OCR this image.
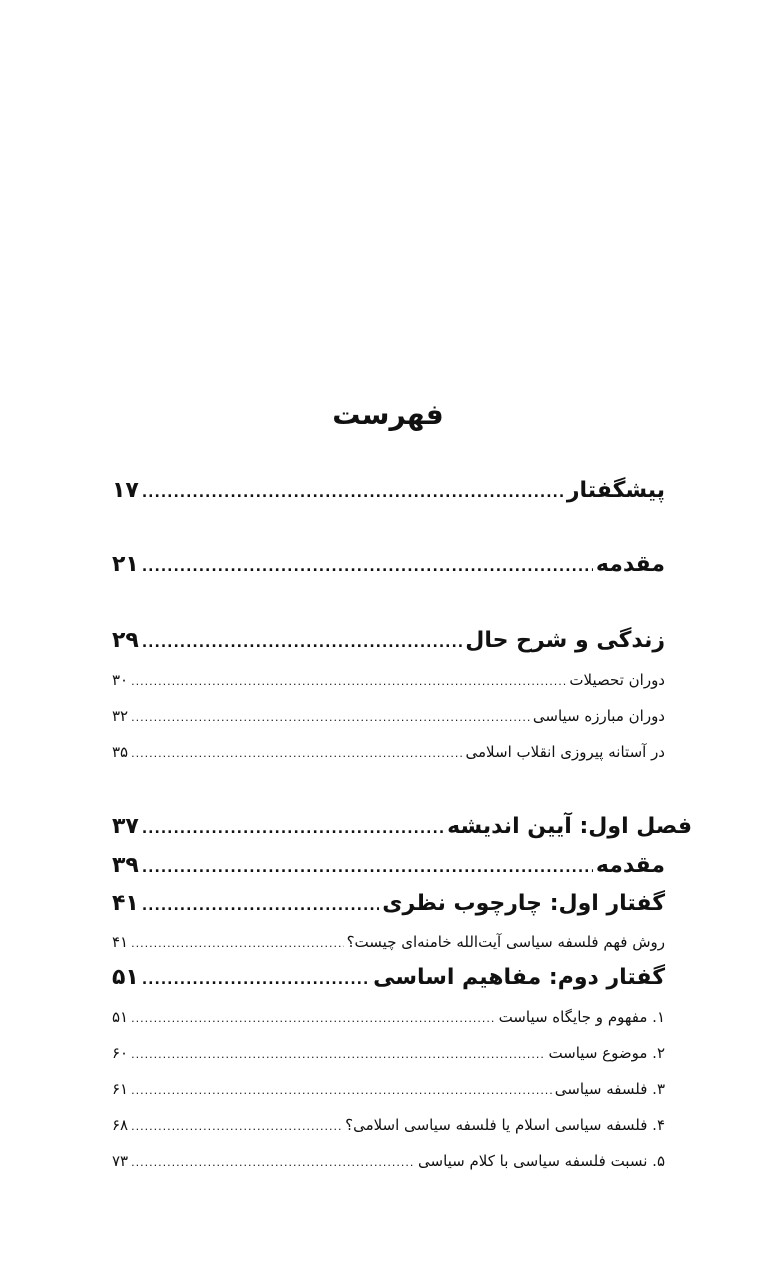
فهرست
پیشگفتار
.....
۱۷
مقدمه
.....
۲۱
زندگی و شرح حال
.....
۲۹
دوران تحصیلات
.....
۳۰
دوران مبارزه سیاسی
.....
۳۲
در آستانه پیروزی انقلاب اسلامی
.....
۳۵
فصل اول: آیین اندیشه
.....
۳۷
مقدمه
.....
۳۹
گفتار اول: چارچوب نظری
.....
۴۱
روش فهم فلسفه سیاسی آیت‌الله خامنه‌ای چیست؟
.....
۴۱
گفتار دوم: مفاهیم اساسی
.....
۵۱
۱. مفهوم و جایگاه سیاست
.....
۵۱
۲. موضوع سیاست
.....
۶۰
۳. فلسفه سیاسی
.....
۶۱
۴. فلسفه سیاسی اسلام یا فلسفه سیاسی اسلامی؟
.....
۶۸
۵. نسبت فلسفه سیاسی با کلام سیاسی
.....
۷۳
